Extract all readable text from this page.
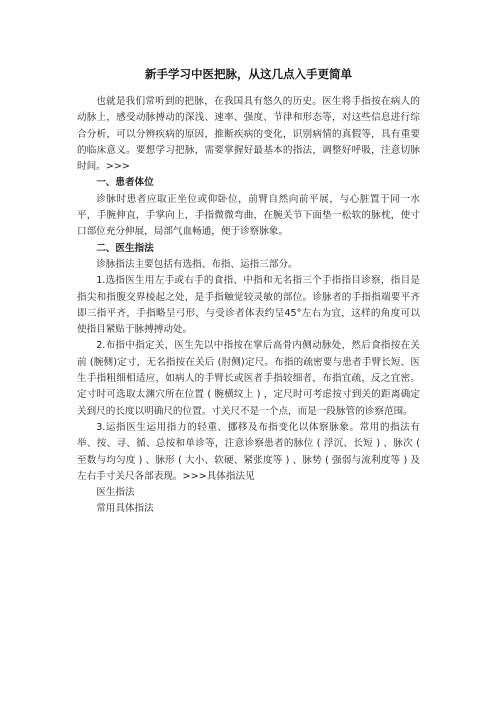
新手学习中医把脉，从这几点入手更简单

也就是我们常听到的把脉，在我国具有悠久的历史。医生将手指按在病人的动脉上，感受动脉搏动的深浅、速率、强度、节律和形态等，对这些信息进行综合分析，可以分辨疾病的原因，推断疾病的变化，识别病情的真假等，具有重要的临床意义。要想学习把脉，需要掌握好最基本的指法，调整好呼吸，注意切脉时间。>>>

一、患者体位

诊脉时患者应取正坐位或仰卧位，前臂自然向前平展，与心脏置于同一水平，手腕伸直，手掌向上，手指微微弯曲，在腕关节下面垫一松软的脉枕，使寸口部位充分伸展，局部气血畅通，便于诊察脉象。

二、医生指法

诊脉指法主要包括有选指、布指、运指三部分。

1.选指医生用左手或右手的食指、中指和无名指三个手指指目诊察，指目是指尖和指腹交界棱起之处，是手指触觉较灵敏的部位。诊脉者的手指指端要平齐即三指平齐，手指略呈弓形，与受诊者体表约呈45°左右为宜，这样的角度可以使指目紧贴于脉搏搏动处。

2.布指中指定关，医生先以中指按在掌后高骨内侧动脉处，然后食指按在关前 (腕侧)定寸，无名指按在关后 (肘侧)定尺。布指的疏密要与患者手臂长短、医生手指粗细相适应，如病人的手臂长或医者手指较细者，布指宜疏，反之宜密。定寸时可选取太渊穴所在位置 ( 腕横纹上 ) ，定尺时可考虑按寸到关的距离确定关到尺的长度以明确尺的位置。寸关尺不是一个点，而是一段脉管的诊察范围。

3.运指医生运用指力的轻重、挪移及布指变化以体察脉象。常用的指法有举、按、寻、循、总按和单诊等，注意诊察患者的脉位 ( 浮沉、长短 ) 、脉次 ( 至数与均匀度 ) 、脉形 ( 大小、软硬、紧张度等 ) 、脉势 ( 强弱与流利度等 ) 及左右手寸关尺各部表现。>>>具体指法见

医生指法

常用具体指法
